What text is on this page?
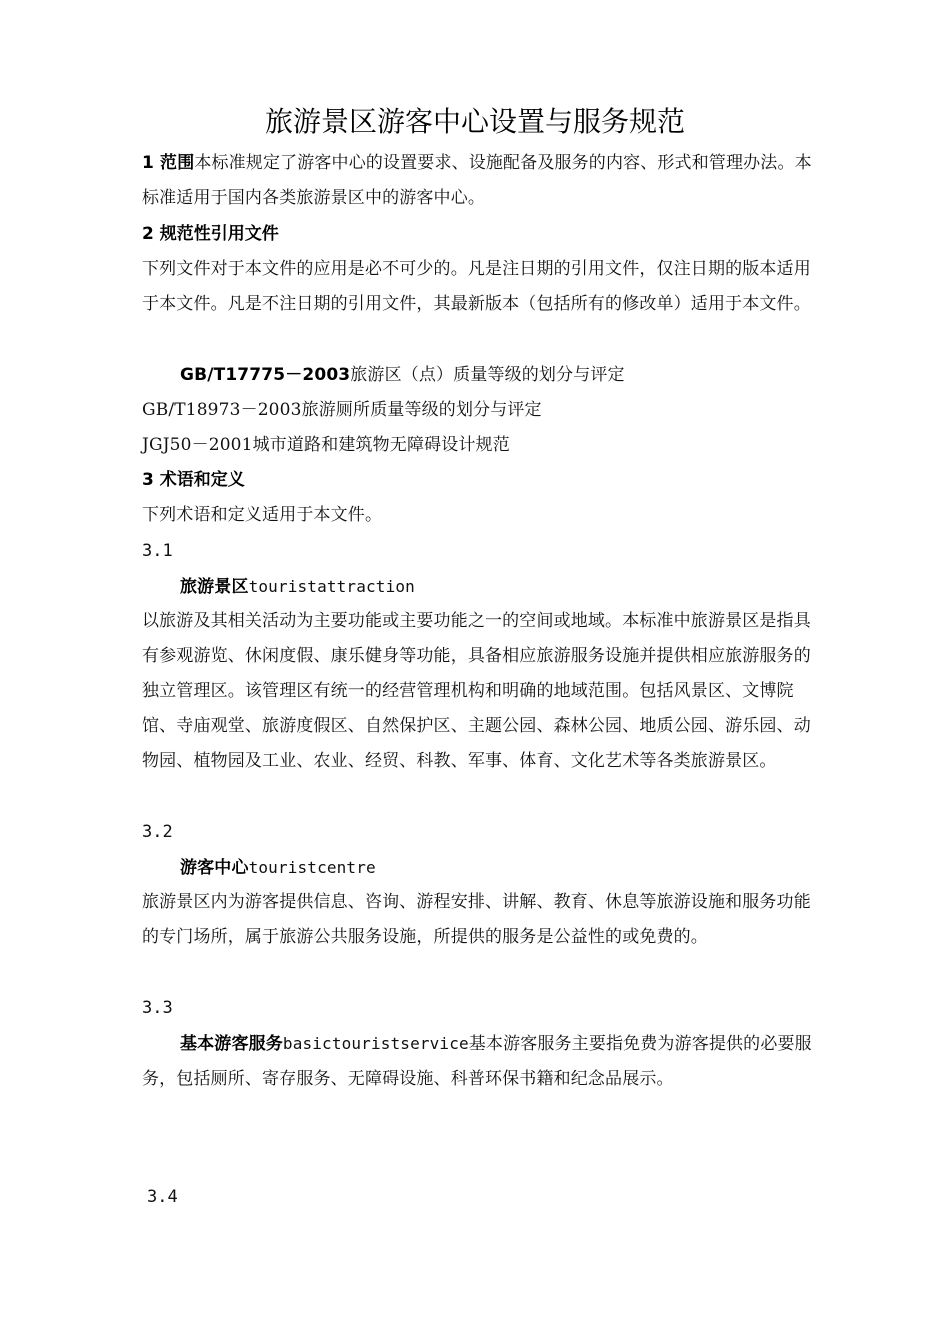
旅游景区游客中心设置与服务规范
1 范围本标准规定了游客中心的设置要求、设施配备及服务的内容、形式和管理办法。本标准适用于国内各类旅游景区中的游客中心。
2 规范性引用文件
下列文件对于本文件的应用是必不可少的。凡是注日期的引用文件，仅注日期的版本适用于本文件。凡是不注日期的引用文件，其最新版本（包括所有的修改单）适用于本文件。
GB/T17775－2003旅游区（点）质量等级的划分与评定
GB/T18973－2003旅游厕所质量等级的划分与评定
JGJ50－2001城市道路和建筑物无障碍设计规范
3 术语和定义
下列术语和定义适用于本文件。
3.1
旅游景区touristattraction
以旅游及其相关活动为主要功能或主要功能之一的空间或地域。本标准中旅游景区是指具有参观游览、休闲度假、康乐健身等功能，具备相应旅游服务设施并提供相应旅游服务的独立管理区。该管理区有统一的经营管理机构和明确的地域范围。包括风景区、文博院馆、寺庙观堂、旅游度假区、自然保护区、主题公园、森林公园、地质公园、游乐园、动物园、植物园及工业、农业、经贸、科教、军事、体育、文化艺术等各类旅游景区。
3.2
游客中心touristcentre
旅游景区内为游客提供信息、咨询、游程安排、讲解、教育、休息等旅游设施和服务功能的专门场所，属于旅游公共服务设施，所提供的服务是公益性的或免费的。
3.3
基本游客服务basictouristservice基本游客服务主要指免费为游客提供的必要服务，包括厕所、寄存服务、无障碍设施、科普环保书籍和纪念品展示。
3.4
